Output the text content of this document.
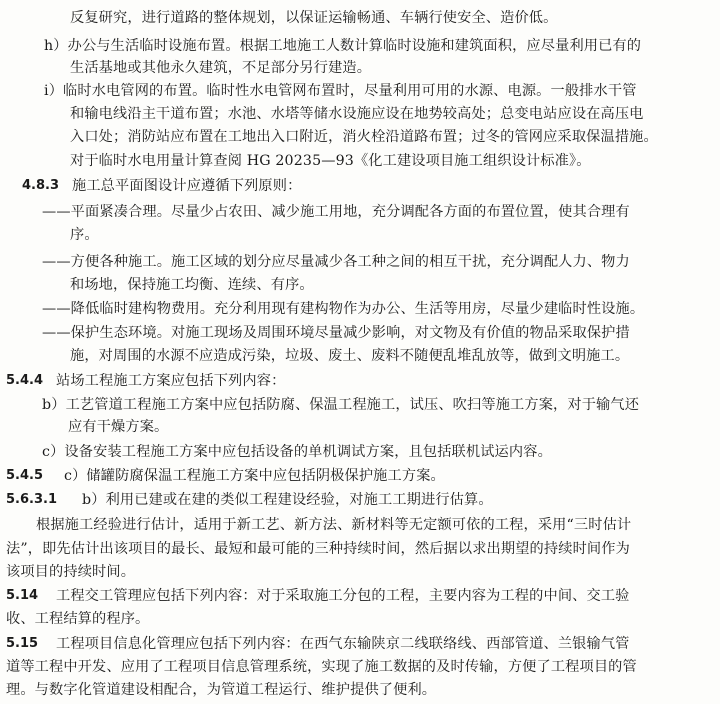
反复研究，进行道路的整体规划，以保证运输畅通、车辆行使安全、造价低。
h）办公与生活临时设施布置。根据工地施工人数计算临时设施和建筑面积，应尽量利用已有的
生活基地或其他永久建筑，不足部分另行建造。
i）临时水电管网的布置。临时性水电管网布置时，尽量利用可用的水源、电源。一般排水干管
和输电线沿主干道布置；水池、水塔等储水设施应设在地势较高处；总变电站应设在高压电
入口处；消防站应布置在工地出入口附近，消火栓沿道路布置；过冬的管网应采取保温措施。
对于临时水电用量计算查阅 HG 20235—93《化工建设项目施工组织设计标准》。
4.8.3 施工总平面图设计应遵循下列原则：
——平面紧凑合理。尽量少占农田、减少施工用地，充分调配各方面的布置位置，使其合理有
序。
——方便各种施工。施工区域的划分应尽量减少各工种之间的相互干扰，充分调配人力、物力
和场地，保持施工均衡、连续、有序。
——降低临时建构物费用。充分利用现有建构物作为办公、生活等用房，尽量少建临时性设施。
——保护生态环境。对施工现场及周围环境尽量减少影响，对文物及有价值的物品采取保护措
施，对周围的水源不应造成污染，垃圾、废土、废料不随便乱堆乱放等，做到文明施工。
5.4.4 站场工程施工方案应包括下列内容：
b）工艺管道工程施工方案中应包括防腐、保温工程施工，试压、吹扫等施工方案，对于输气还
应有干燥方案。
c）设备安装工程施工方案中应包括设备的单机调试方案，且包括联机试运内容。
5.4.5 c）储罐防腐保温工程施工方案中应包括阴极保护施工方案。
5.6.3.1 b）利用已建或在建的类似工程建设经验，对施工工期进行估算。
根据施工经验进行估计，适用于新工艺、新方法、新材料等无定额可依的工程，采用“三时估计
法”，即先估计出该项目的最长、最短和最可能的三种持续时间，然后据以求出期望的持续时间作为
该项目的持续时间。
5.14 工程交工管理应包括下列内容：对于采取施工分包的工程，主要内容为工程的中间、交工验
收、工程结算的程序。
5.15 工程项目信息化管理应包括下列内容：在西气东输陕京二线联络线、西部管道、兰银输气管
道等工程中开发、应用了工程项目信息管理系统，实现了施工数据的及时传输，方便了工程项目的管
理。与数字化管道建设相配合，为管道工程运行、维护提供了便利。
